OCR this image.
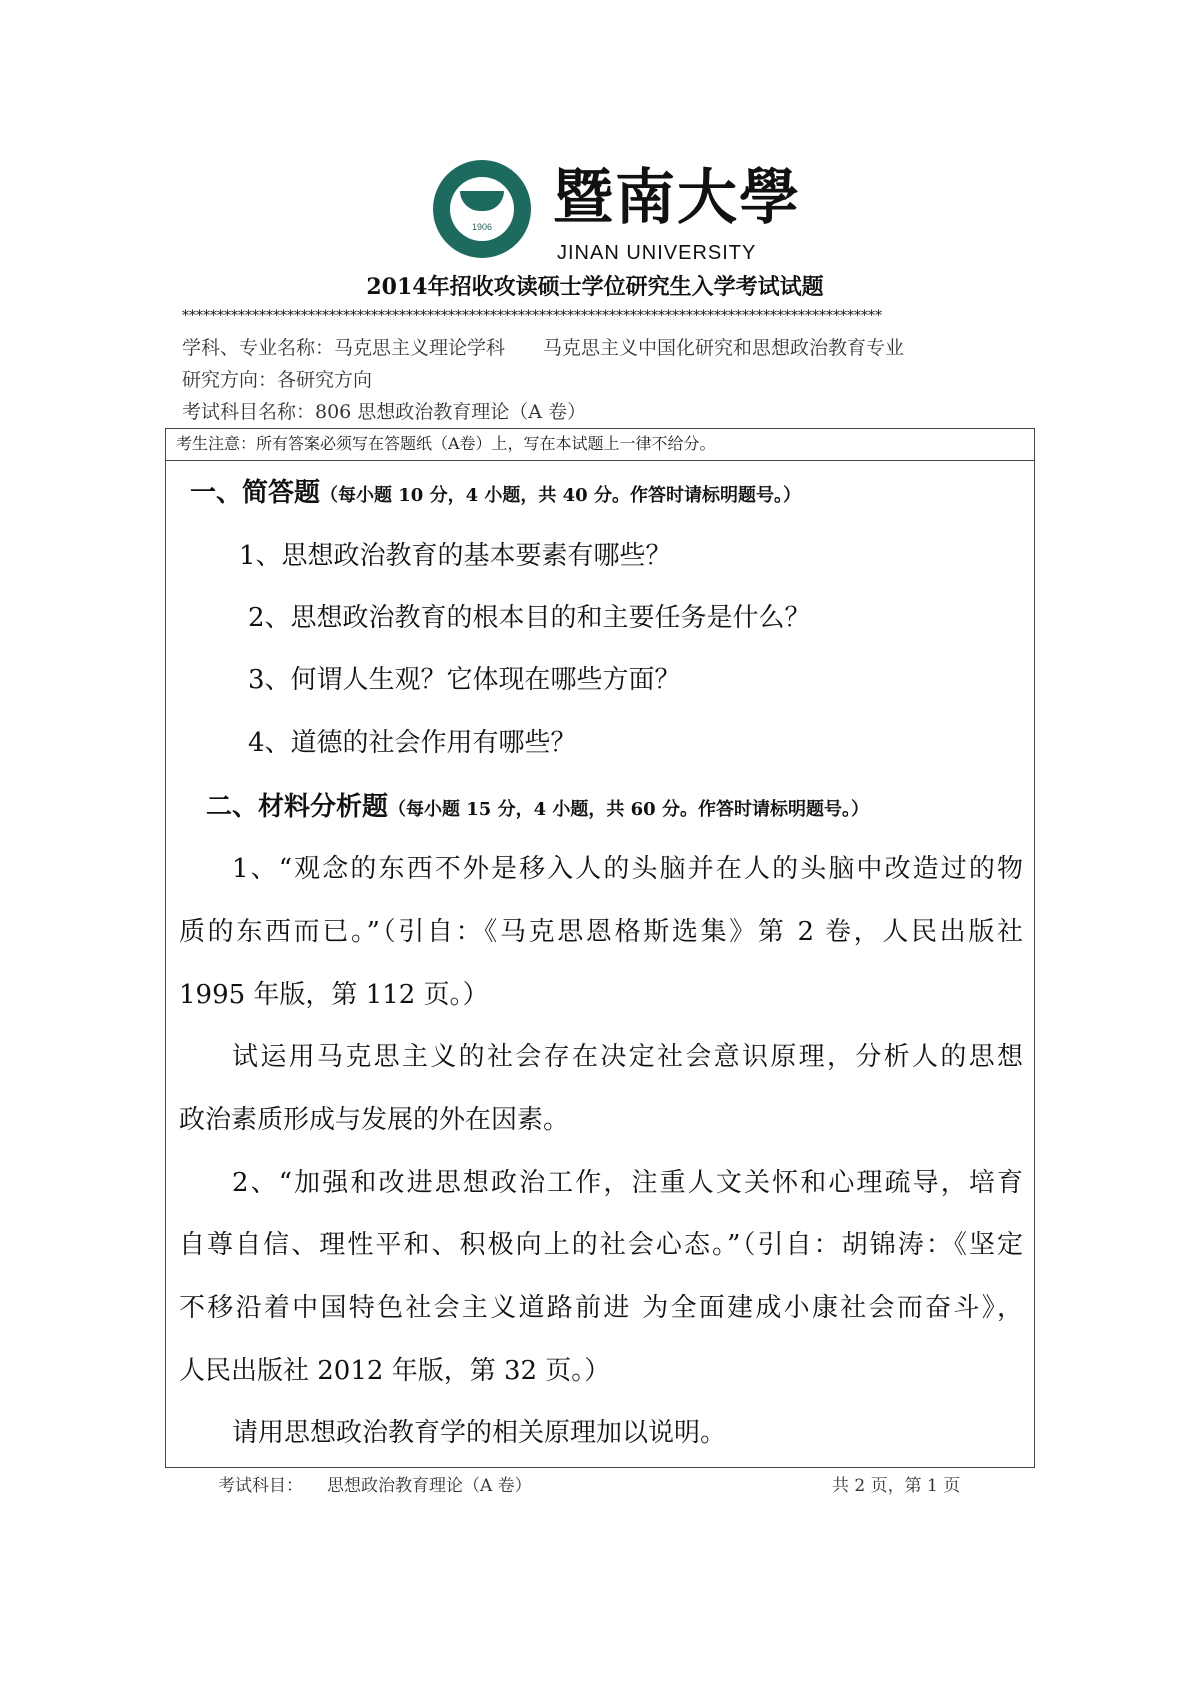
1906	暨南大學
JINAN UNIVERSITY
2014年招收攻读硕士学位研究生入学考试试题
****************************************************************************************************
学科、专业名称：马克思主义理论学科　　马克思主义中国化研究和思想政治教育专业
研究方向：各研究方向
考试科目名称：806 思想政治教育理论（A 卷）
考生注意：所有答案必须写在答题纸（A卷）上，写在本试题上一律不给分。
一、简答题（每小题 10 分，4 小题，共 40 分。作答时请标明题号。）
1、思想政治教育的基本要素有哪些？
2、思想政治教育的根本目的和主要任务是什么？
3、何谓人生观？它体现在哪些方面？
4、道德的社会作用有哪些？
二、材料分析题（每小题 15 分，4 小题，共 60 分。作答时请标明题号。）
1、“观念的东西不外是移入人的头脑并在人的头脑中改造过的物
质的东西而已。”（引自：《马克思恩格斯选集》第 2 卷，人民出版社
1995 年版，第 112 页。）
试运用马克思主义的社会存在决定社会意识原理，分析人的思想
政治素质形成与发展的外在因素。
2、“加强和改进思想政治工作，注重人文关怀和心理疏导，培育
自尊自信、理性平和、积极向上的社会心态。”（引自：胡锦涛：《坚定
不移沿着中国特色社会主义道路前进 为全面建成小康社会而奋斗》，
人民出版社 2012 年版，第 32 页。）
请用思想政治教育学的相关原理加以说明。
考试科目： 思想政治教育理论（A 卷）	共 2 页，第 1 页
